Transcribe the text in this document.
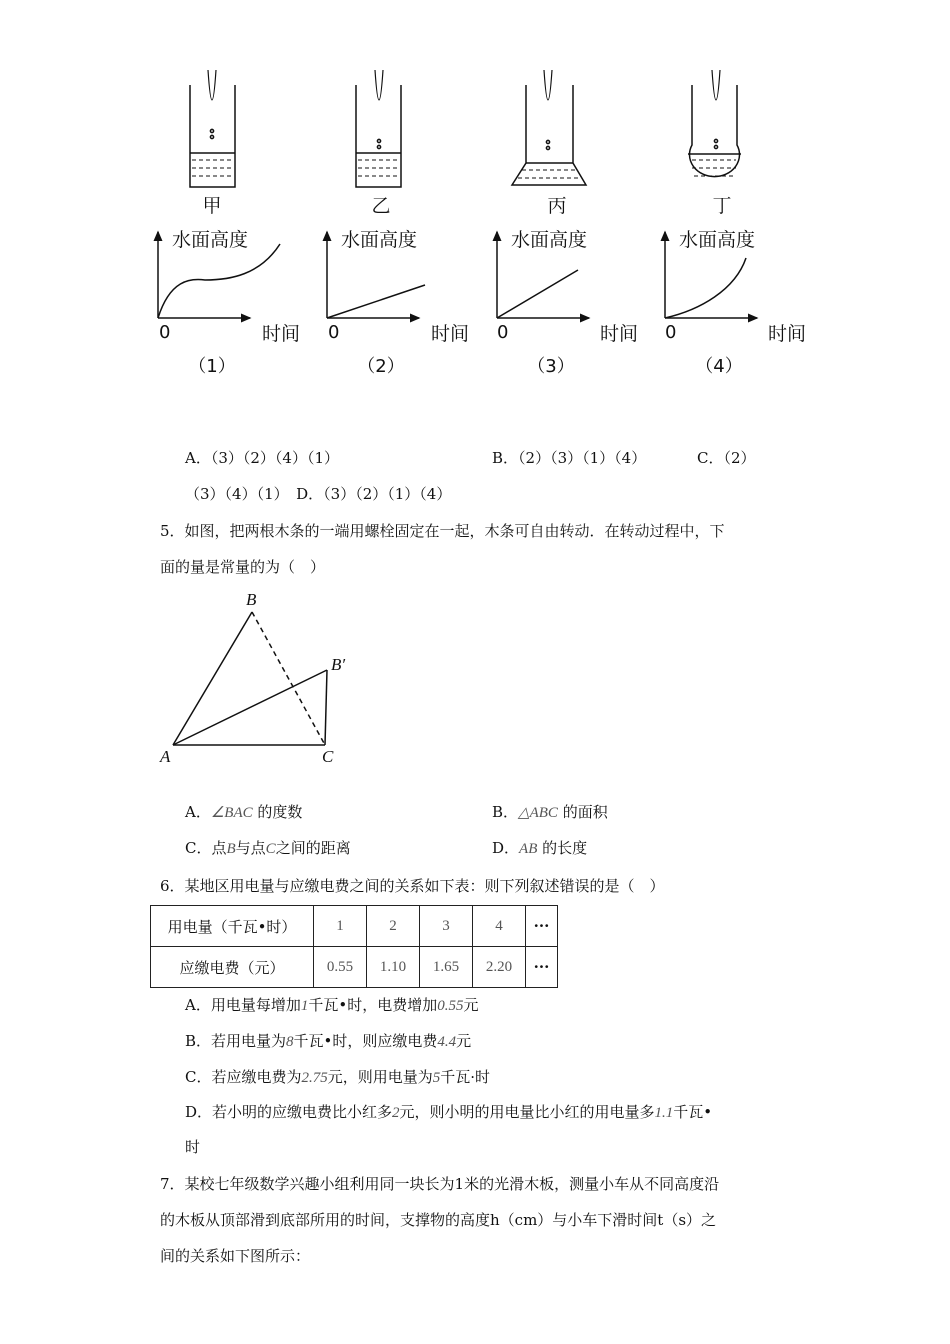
甲	乙	丙	丁
水面高度	水面高度	水面高度	水面高度
时间	时间	时间	时间
0	0	0	0
（1）	（2）	（3）	（4）
A．（3）（2）（4）（1）	B．（2）（3）（1）（4）	C．（2）
（3）（4）（1）　D．（3）（2）（1）（4）
5．如图，把两根木条的一端用螺栓固定在一起，木条可自由转动．在转动过程中，下
面的量是常量的为（　）
B
B′
A	C
A．∠BAC 的度数	B．△ABC 的面积
C．点B与点C之间的距离	D．AB 的长度
6．某地区用电量与应缴电费之间的关系如下表：则下列叙述错误的是（　）
用电量（千瓦•时）	1	2	3	4	···
应缴电费（元）	0.55	1.10	1.65	2.20	···
A．用电量每增加1千瓦•时，电费增加0.55元
B．若用电量为8千瓦•时，则应缴电费4.4元
C．若应缴电费为2.75元，则用电量为5千瓦·时
D．若小明的应缴电费比小红多2元，则小明的用电量比小红的用电量多1.1千瓦•
时
7．某校七年级数学兴趣小组利用同一块长为1米的光滑木板，测量小车从不同高度沿
的木板从顶部滑到底部所用的时间，支撑物的高度h（cm）与小车下滑时间t（s）之
间的关系如下图所示：
